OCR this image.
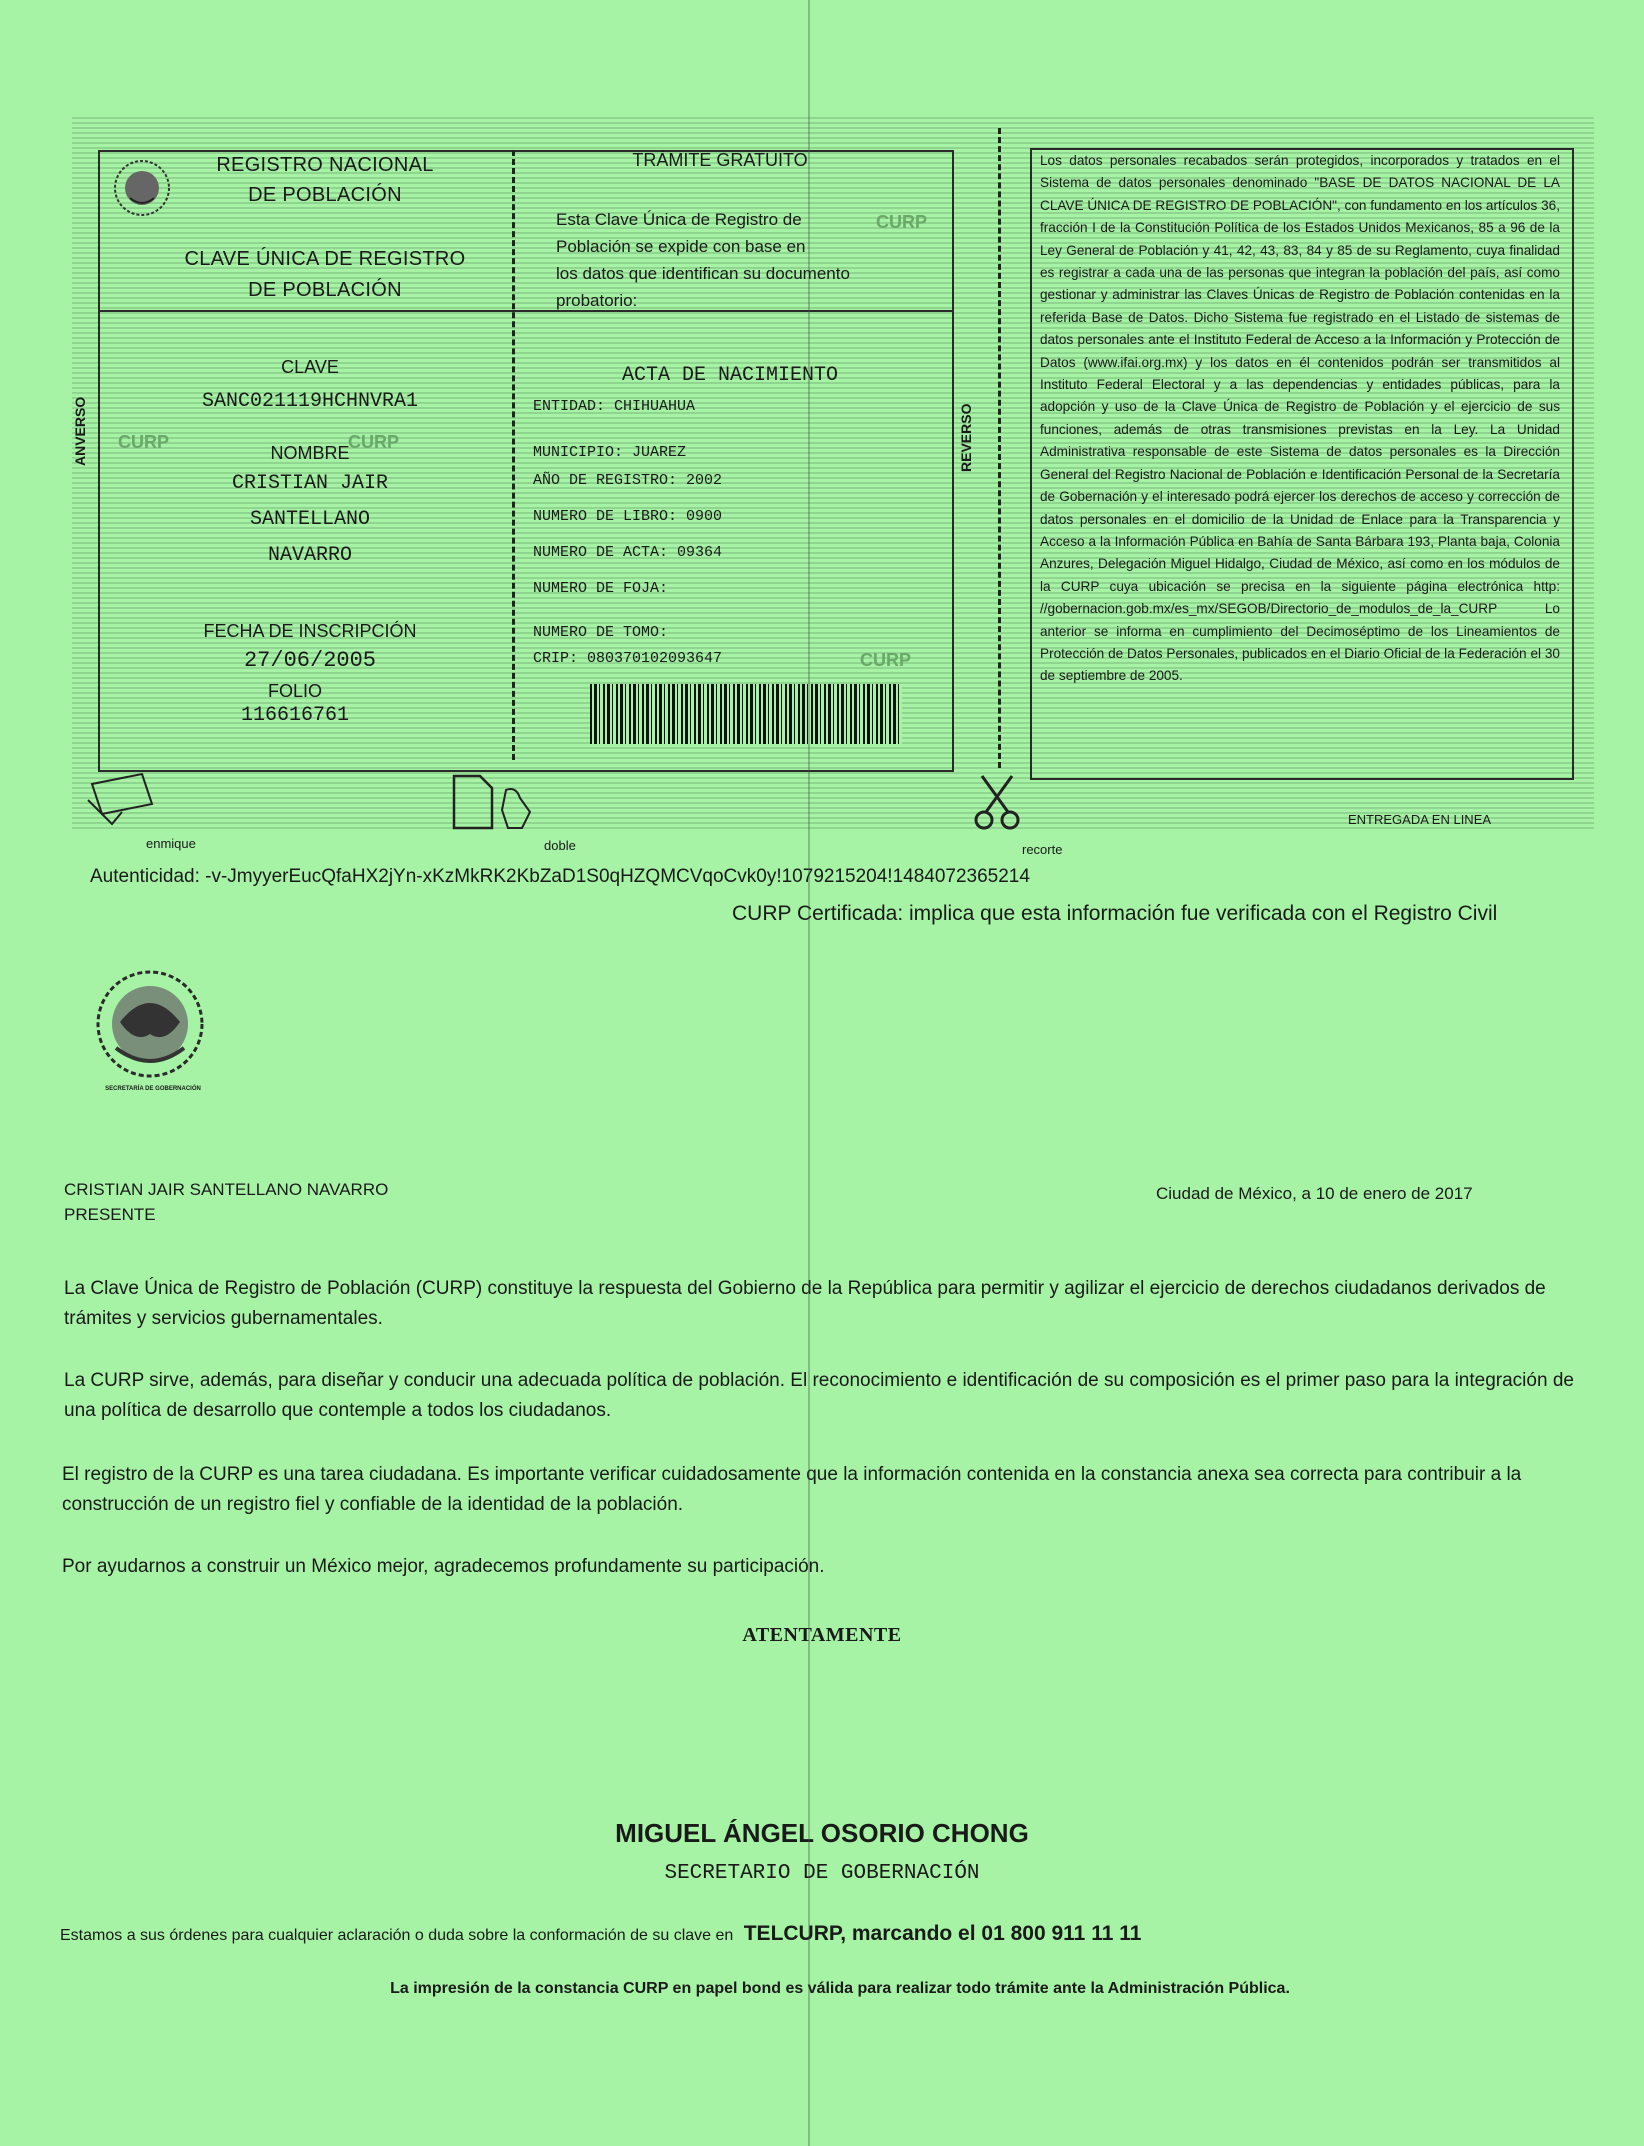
REGISTRO NACIONAL
DE POBLACIÓN
CLAVE ÚNICA DE REGISTRO
DE POBLACIÓN
CLAVE
SANC021119HCHNVRA1
CURP	CURP
NOMBRE
CRISTIAN JAIR
SANTELLANO
NAVARRO
FECHA DE INSCRIPCIÓN
27/06/2005
FOLIO
116616761
ANVERSO
TRÁMITE GRATUITO
Esta Clave Única de Registro de
Población se expide con base en
los datos que identifican su documento
probatorio:
CURP
ACTA DE NACIMIENTO
ENTIDAD: CHIHUAHUA
MUNICIPIO: JUAREZ
AÑO DE REGISTRO: 2002
NUMERO DE LIBRO: 0900
NUMERO DE ACTA: 09364
NUMERO DE FOJA:
NUMERO DE TOMO:
CRIP: 080370102093647	CURP
REVERSO
Los datos personales recabados serán protegidos, incorporados y tratados en el Sistema de datos personales denominado "BASE DE DATOS NACIONAL DE LA CLAVE ÚNICA DE REGISTRO DE POBLACIÓN", con fundamento en los artículos 36, fracción I de la Constitución Política de los Estados Unidos Mexicanos, 85 a 96 de la Ley General de Población y 41, 42, 43, 83, 84 y 85 de su Reglamento, cuya finalidad es registrar a cada una de las personas que integran la población del país, así como gestionar y administrar las Claves Únicas de Registro de Población contenidas en la referida Base de Datos. Dicho Sistema fue registrado en el Listado de sistemas de datos personales ante el Instituto Federal de Acceso a la Información y Protección de Datos (www.ifai.org.mx) y los datos en él contenidos podrán ser transmitidos al Instituto Federal Electoral y a las dependencias y entidades públicas, para la adopción y uso de la Clave Única de Registro de Población y el ejercicio de sus funciones, además de otras transmisiones previstas en la Ley. La Unidad Administrativa responsable de este Sistema de datos personales es la Dirección General del Registro Nacional de Población e Identificación Personal de la Secretaría de Gobernación y el interesado podrá ejercer los derechos de acceso y corrección de datos personales en el domicilio de la Unidad de Enlace para la Transparencia y Acceso a la Información Pública en Bahía de Santa Bárbara 193, Planta baja, Colonia Anzures, Delegación Miguel Hidalgo, Ciudad de México, así como en los módulos de la CURP cuya ubicación se precisa en la siguiente página electrónica http: //gobernacion.gob.mx/es_mx/SEGOB/Directorio_de_modulos_de_la_CURP Lo anterior se informa en cumplimiento del Decimoséptimo de los Lineamientos de Protección de Datos Personales, publicados en el Diario Oficial de la Federación el 30 de septiembre de 2005.
ENTREGADA EN LINEA
enmique	doble	recorte
Autenticidad: -v-JmyyerEucQfaHX2jYn-xKzMkRK2KbZaD1S0qHZQMCVqoCvk0y!1079215204!1484072365214
CURP Certificada: implica que esta información fue verificada con el Registro Civil
SECRETARÍA DE GOBERNACIÓN
CRISTIAN JAIR SANTELLANO NAVARRO
PRESENTE
Ciudad de México, a 10 de enero de 2017
La Clave Única de Registro de Población (CURP) constituye la respuesta del Gobierno de la República para permitir y agilizar el ejercicio de derechos ciudadanos derivados de trámites y servicios gubernamentales.
La CURP sirve, además, para diseñar y conducir una adecuada política de población. El reconocimiento e identificación de su composición es el primer paso para la integración de una política de desarrollo que contemple a todos los ciudadanos.
El registro de la CURP es una tarea ciudadana. Es importante verificar cuidadosamente que la información contenida en la constancia anexa sea correcta para contribuir a la construcción de un registro fiel y confiable de la identidad de la población.
Por ayudarnos a construir un México mejor, agradecemos profundamente su participación.
ATENTAMENTE
MIGUEL ÁNGEL OSORIO CHONG
SECRETARIO DE GOBERNACIÓN
Estamos a sus órdenes para cualquier aclaración o duda sobre la conformación de su clave en TELCURP, marcando el 01 800 911 11 11
La impresión de la constancia CURP en papel bond es válida para realizar todo trámite ante la Administración Pública.
